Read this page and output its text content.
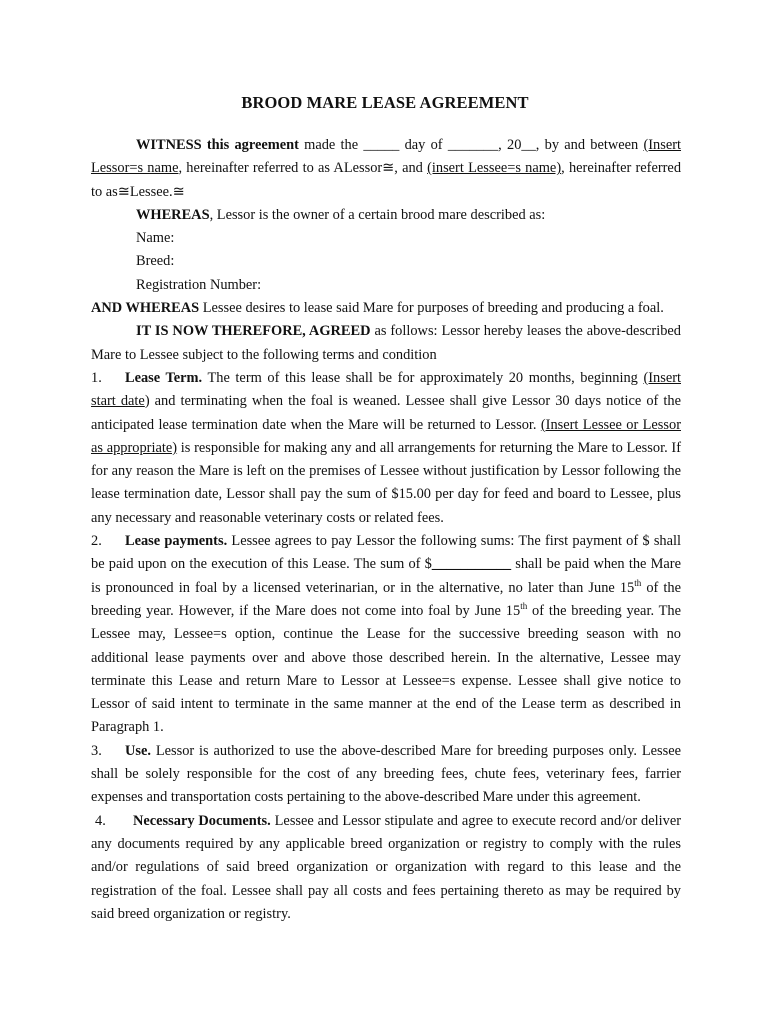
BROOD MARE LEASE AGREEMENT

WITNESS this agreement made the _____ day of _______, 20__, by and between (Insert Lessor=s name, hereinafter referred to as ALessor≅, and (insert Lessee=s name), hereinafter referred to as≅Lessee.≅

WHEREAS, Lessor is the owner of a certain brood mare described as:

Name:

Breed:

Registration Number:

AND WHEREAS Lessee desires to lease said Mare for purposes of breeding and producing a foal.

IT IS NOW THEREFORE, AGREED as follows: Lessor hereby leases the above-described Mare to Lessee subject to the following terms and condition

1. Lease Term. The term of this lease shall be for approximately 20 months, beginning (Insert start date) and terminating when the foal is weaned. Lessee shall give Lessor 30 days notice of the anticipated lease termination date when the Mare will be returned to Lessor. (Insert Lessee or Lessor as appropriate) is responsible for making any and all arrangements for returning the Mare to Lessor. If for any reason the Mare is left on the premises of Lessee without justification by Lessor following the lease termination date, Lessor shall pay the sum of $15.00 per day for feed and board to Lessee, plus any necessary and reasonable veterinary costs or related fees.

2. Lease payments. Lessee agrees to pay Lessor the following sums: The first payment of $ shall be paid upon on the execution of this Lease. The sum of $___________ shall be paid when the Mare is pronounced in foal by a licensed veterinarian, or in the alternative, no later than June 15th of the breeding year. However, if the Mare does not come into foal by June 15th of the breeding year. The Lessee may, Lessee=s option, continue the Lease for the successive breeding season with no additional lease payments over and above those described herein. In the alternative, Lessee may terminate this Lease and return Mare to Lessor at Lessee=s expense. Lessee shall give notice to Lessor of said intent to terminate in the same manner at the end of the Lease term as described in Paragraph 1.

3. Use. Lessor is authorized to use the above-described Mare for breeding purposes only. Lessee shall be solely responsible for the cost of any breeding fees, chute fees, veterinary fees, farrier expenses and transportation costs pertaining to the above-described Mare under this agreement.

4. Necessary Documents. Lessee and Lessor stipulate and agree to execute record and/or deliver any documents required by any applicable breed organization or registry to comply with the rules and/or regulations of said breed organization or organization with regard to this lease and the registration of the foal. Lessee shall pay all costs and fees pertaining thereto as may be required by said breed organization or registry.
